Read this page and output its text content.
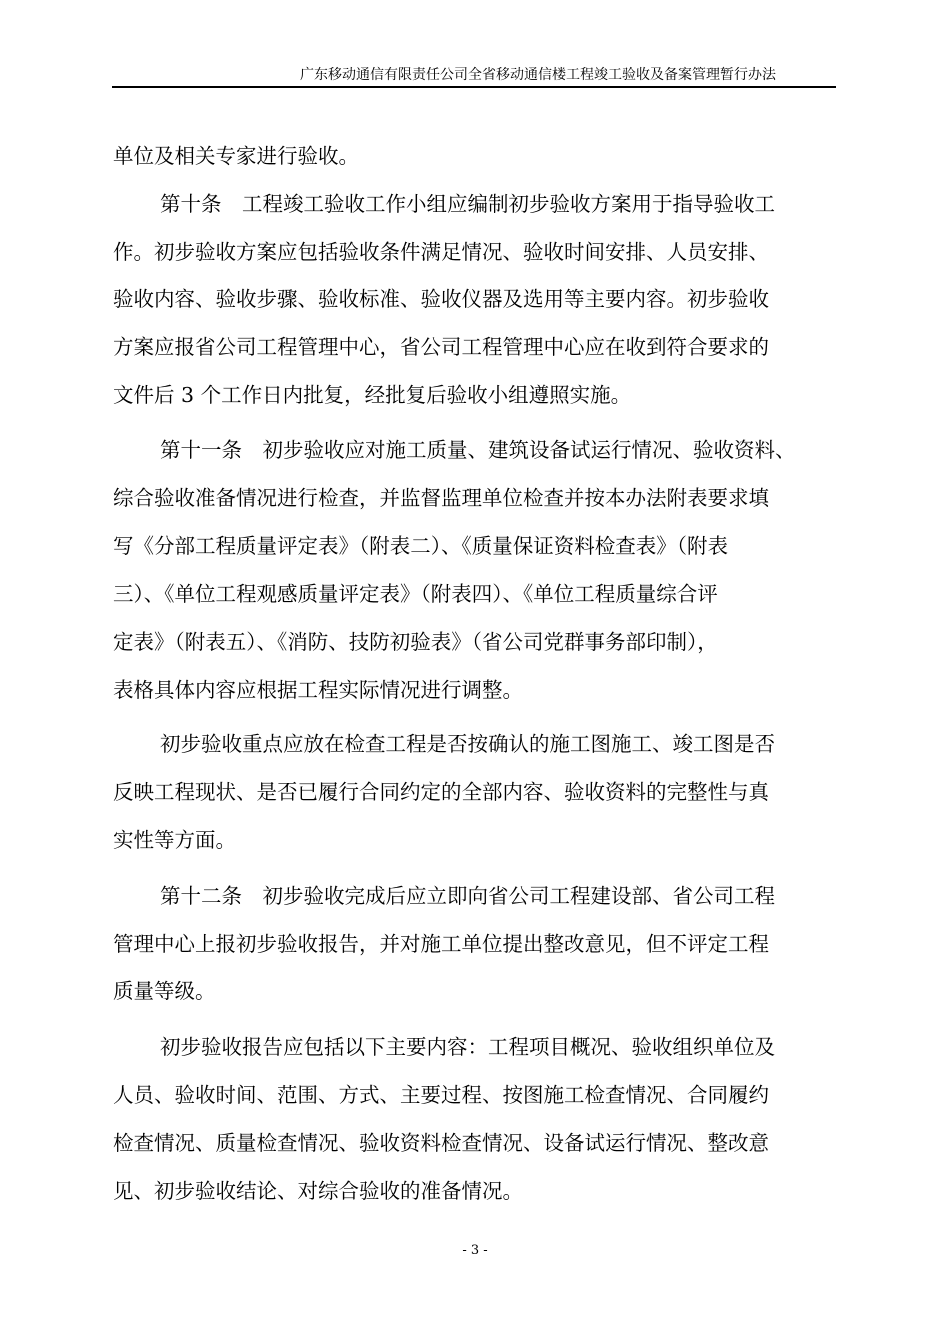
广东移动通信有限责任公司全省移动通信楼工程竣工验收及备案管理暂行办法
单位及相关专家进行验收。
第十条　工程竣工验收工作小组应编制初步验收方案用于指导验收工
作。初步验收方案应包括验收条件满足情况、验收时间安排、人员安排、
验收内容、验收步骤、验收标准、验收仪器及选用等主要内容。初步验收
方案应报省公司工程管理中心，省公司工程管理中心应在收到符合要求的
文件后 3 个工作日内批复，经批复后验收小组遵照实施。
第十一条　初步验收应对施工质量、建筑设备试运行情况、验收资料、
综合验收准备情况进行检查，并监督监理单位检查并按本办法附表要求填
写《分部工程质量评定表》（附表二）、《质量保证资料检查表》（附表
三）、《单位工程观感质量评定表》（附表四）、《单位工程质量综合评
定表》（附表五）、《消防、技防初验表》（省公司党群事务部印制），
表格具体内容应根据工程实际情况进行调整。
初步验收重点应放在检查工程是否按确认的施工图施工、竣工图是否
反映工程现状、是否已履行合同约定的全部内容、验收资料的完整性与真
实性等方面。
第十二条　初步验收完成后应立即向省公司工程建设部、省公司工程
管理中心上报初步验收报告，并对施工单位提出整改意见，但不评定工程
质量等级。
初步验收报告应包括以下主要内容：工程项目概况、验收组织单位及
人员、验收时间、范围、方式、主要过程、按图施工检查情况、合同履约
检查情况、质量检查情况、验收资料检查情况、设备试运行情况、整改意
见、初步验收结论、对综合验收的准备情况。
- 3 -
